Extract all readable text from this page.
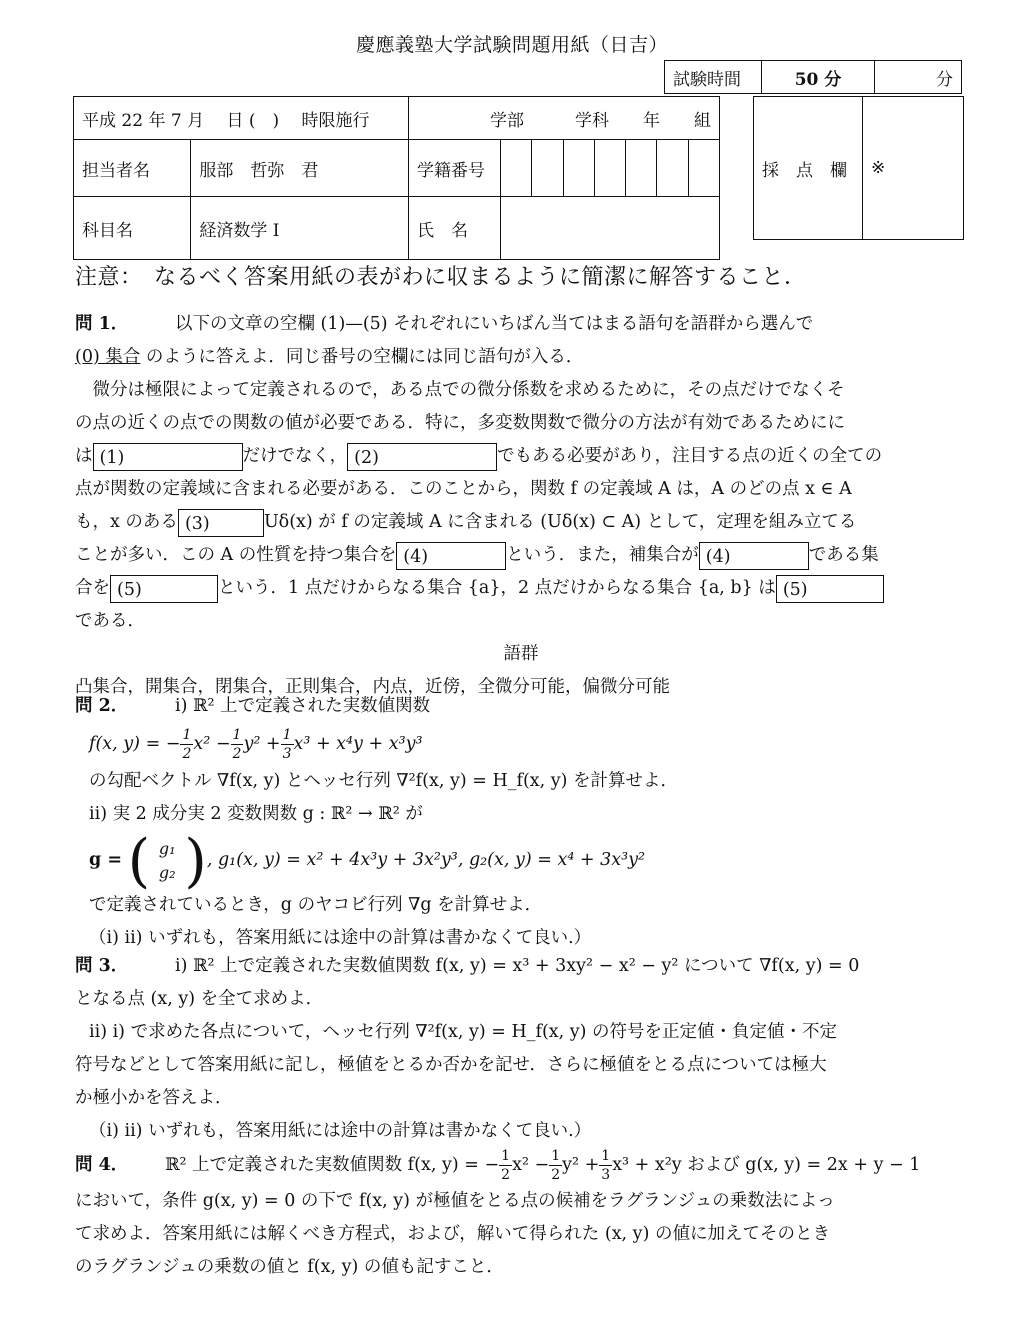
慶應義塾大学試験問題用紙（日吉）
試験時間	50 分	分
平成 22 年 7 月　 日 (　) 　時限施行		学部　　　学科　　年　　組	
担当者名	服部　哲弥　君	学籍番号	

科目名	経済数学 I	氏　名	
採　点　欄	※
注意：　なるべく答案用紙の表がわに収まるように簡潔に解答すること．
問 1．	以下の文章の空欄 (1)—(5) それぞれにいちばん当てはまる語句を語群から選んで
(0) 集合 のように答えよ．同じ番号の空欄には同じ語句が入る．
　微分は極限によって定義されるので，ある点での微分係数を求めるために，その点だけでなくそ
の点の近くの点での関数の値が必要である．特に，多変数関数で微分の方法が有効であるためにに
は (1)	だけでなく， (2)	でもある必要があり，注目する点の近くの全ての
点が関数の定義域に含まれる必要がある．このことから，関数 f の定義域 A は，A のどの点 x ∈ A
も，x のある (3)	Uδ(x) が f の定義域 A に含まれる (Uδ(x) ⊂ A) として，定理を組み立てる
ことが多い．この A の性質を持つ集合を (4)	という．また，補集合が (4)	である集
合を (5)	という．1 点だけからなる集合 {a}，2 点だけからなる集合 {a, b} は (5)
である．
語群
凸集合，開集合，閉集合，正則集合，内点，近傍，全微分可能，偏微分可能
問 2．	i) ℝ² 上で定義された実数値関数
f(x, y) = − $\frac{1}{2} x^2 - \frac{1}{2} y^2 + \frac{1}{3} x^3 + x^4y + x^3y^3$
の勾配ベクトル ∇f(x, y) とヘッセ行列 ∇²f(x, y) = H_f(x, y) を計算せよ．
ii) 実 2 成分実 2 変数関数 g : ℝ² → ℝ² が
g = ( g₁
g₂ ), g₁(x, y) = x² + 4x³y + 3x²y³, g₂(x, y) = x⁴ + 3x³y²
で定義されているとき，g のヤコビ行列 ∇g を計算せよ．
（i) ii) いずれも，答案用紙には途中の計算は書かなくて良い.）
問 3．	i) ℝ² 上で定義された実数値関数 f(x, y) = x³ + 3xy² − x² − y² について ∇f(x, y) = 0
となる点 (x, y) を全て求めよ．
ii) i) で求めた各点について，ヘッセ行列 ∇²f(x, y) = H_f(x, y) の符号を正定値・負定値・不定
符号などとして答案用紙に記し，極値をとるか否かを記せ．さらに極値をとる点については極大
か極小かを答えよ．
（i) ii) いずれも，答案用紙には途中の計算は書かなくて良い.）
問 4． ℝ² 上で定義された実数値関数 f(x, y) = − $\frac{1}{2} x^2 - \frac{1}{2} y^2 + \frac{1}{3} x^3 + x^2y$ および g(x, y) = 2x + y − 1
において，条件 g(x, y) = 0 の下で f(x, y) が極値をとる点の候補をラグランジュの乗数法によっ
て求めよ．答案用紙には解くべき方程式，および，解いて得られた (x, y) の値に加えてそのとき
のラグランジュの乗数の値と f(x, y) の値も記すこと．
